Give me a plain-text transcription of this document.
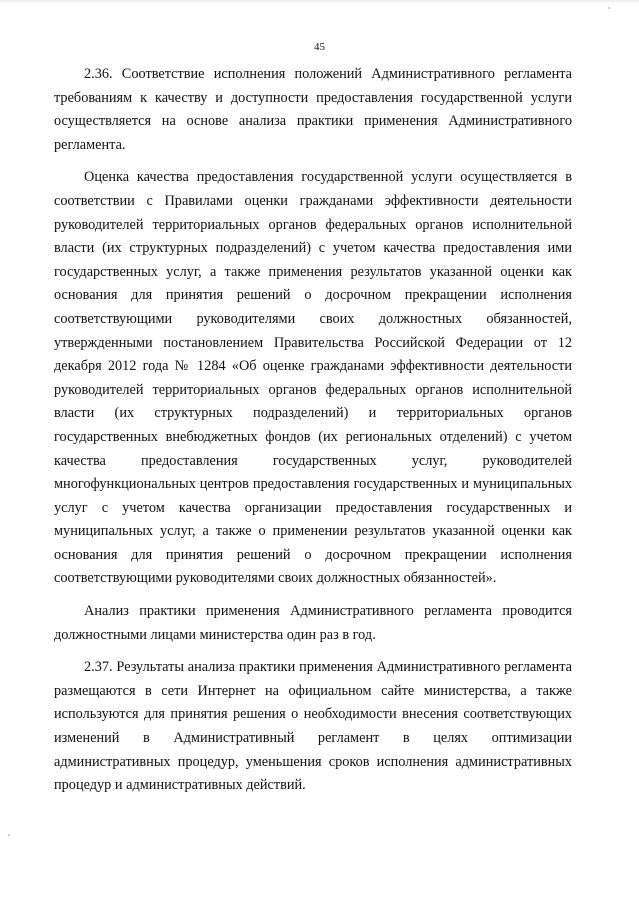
45

2.36. Соответствие исполнения положений Административного регламента требованиям к качеству и доступности предоставления государственной услуги осуществляется на основе анализа практики применения Административного регламента.

Оценка качества предоставления государственной услуги осуществляется в соответствии с Правилами оценки гражданами эффективности деятельности руководителей территориальных органов федеральных органов исполнительной власти (их структурных подразделений) с учетом качества предоставления ими государственных услуг, а также применения результатов указанной оценки как основания для принятия решений о досрочном прекращении исполнения соответствующими руководителями своих должностных обязанностей, утвержденными постановлением Правительства Российской Федерации от 12 декабря 2012 года № 1284 «Об оценке гражданами эффективности деятельности руководителей территориальных органов федеральных органов исполнительной власти (их структурных подразделений) и территориальных органов государственных внебюджетных фондов (их региональных отделений) с учетом качества предоставления государственных услуг, руководителей многофункциональных центров предоставления государственных и муниципальных услуг с учетом качества организации предоставления государственных и муниципальных услуг, а также о применении результатов указанной оценки как основания для принятия решений о досрочном прекращении исполнения соответствующими руководителями своих должностных обязанностей».

Анализ практики применения Административного регламента проводится должностными лицами министерства один раз в год.

2.37. Результаты анализа практики применения Административного регламента размещаются в сети Интернет на официальном сайте министерства, а также используются для принятия решения о необходимости внесения соответствующих изменений в Административный регламент в целях оптимизации административных процедур, уменьшения сроков исполнения административных процедур и административных действий.
